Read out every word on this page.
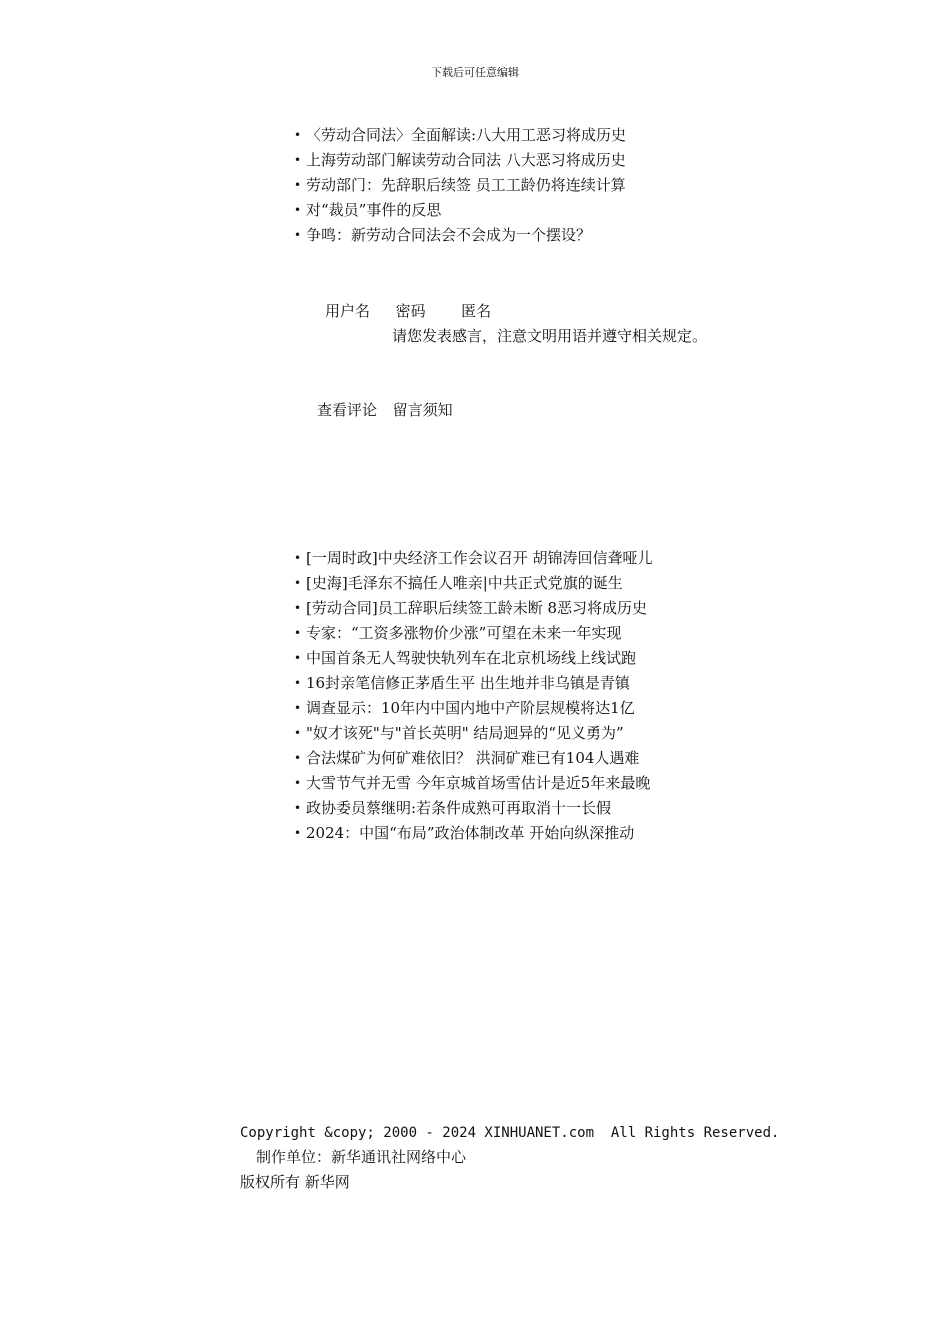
下载后可任意编辑
• 〈劳动合同法〉全面解读:八大用工恶习将成历史
• 上海劳动部门解读劳动合同法 八大恶习将成历史
• 劳动部门：先辞职后续签 员工工龄仍将连续计算
• 对“裁员”事件的反思
• 争鸣：新劳动合同法会不会成为一个摆设？
用户名 密码 匿名
请您发表感言，注意文明用语并遵守相关规定。
查看评论 留言须知
• [一周时政]中央经济工作会议召开 胡锦涛回信聋哑儿
• [史海]毛泽东不搞任人唯亲|中共正式党旗的诞生
• [劳动合同]员工辞职后续签工龄未断 8恶习将成历史
• 专家：“工资多涨物价少涨”可望在未来一年实现
• 中国首条无人驾驶快轨列车在北京机场线上线试跑
• 16封亲笔信修正茅盾生平 出生地并非乌镇是青镇
• 调查显示：10年内中国内地中产阶层规模将达1亿
• "奴才该死"与"首长英明" 结局迥异的“见义勇为”
• 合法煤矿为何矿难依旧？ 洪洞矿难已有104人遇难
• 大雪节气并无雪 今年京城首场雪估计是近5年来最晚
• 政协委员蔡继明:若条件成熟可再取消十一长假
• 2024：中国“布局”政治体制改革 开始向纵深推动
Copyright &copy; 2000 - 2024 XINHUANET.com  All Rights Reserved.
制作单位：新华通讯社网络中心
版权所有 新华网
